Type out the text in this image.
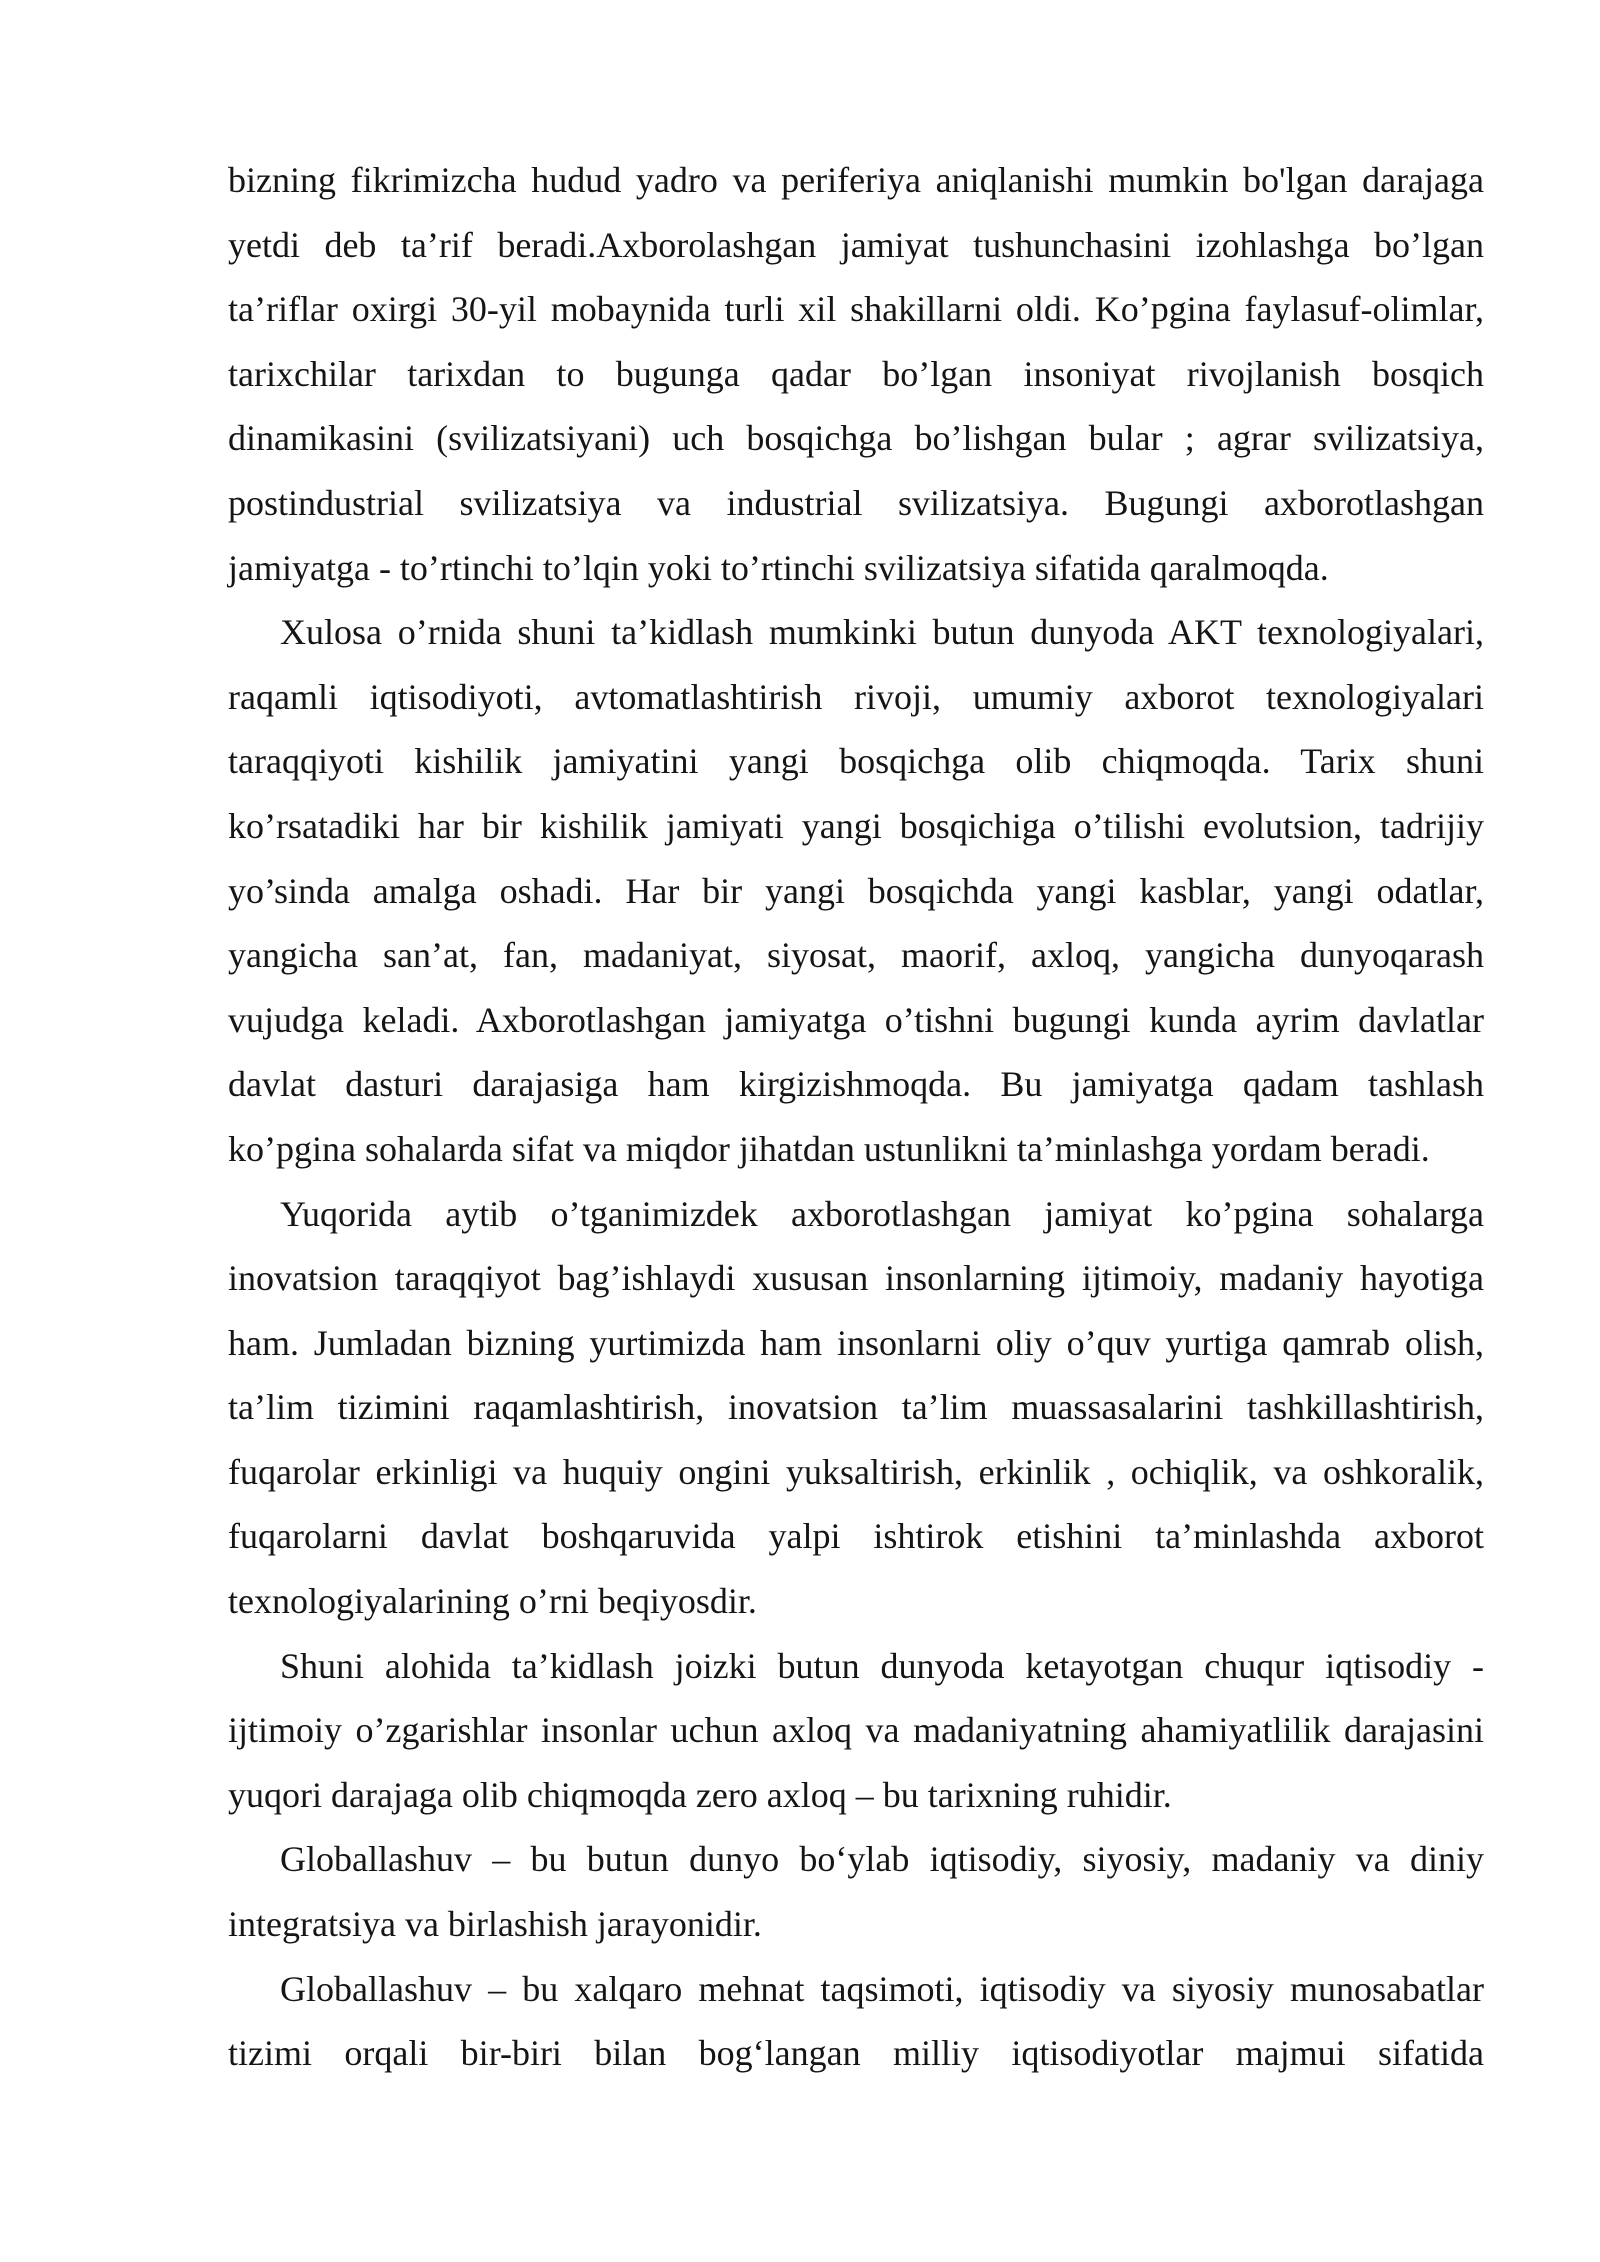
bizning fikrimizcha hudud yadro va periferiya aniqlanishi mumkin bo'lgan darajaga
yetdi deb ta’rif beradi.Axborolashgan jamiyat tushunchasini izohlashga bo’lgan
ta’riflar oxirgi 30-yil mobaynida turli xil shakillarni oldi. Ko’pgina faylasuf-olimlar,
tarixchilar tarixdan to bugunga qadar bo’lgan insoniyat rivojlanish bosqich
dinamikasini (svilizatsiyani) uch bosqichga bo’lishgan bular ; agrar svilizatsiya,
postindustrial svilizatsiya va industrial svilizatsiya. Bugungi axborotlashgan
jamiyatga - to’rtinchi to’lqin yoki to’rtinchi svilizatsiya sifatida qaralmoqda.
Xulosa o’rnida shuni ta’kidlash mumkinki butun dunyoda AKT texnologiyalari,
raqamli iqtisodiyoti, avtomatlashtirish rivoji, umumiy axborot texnologiyalari
taraqqiyoti kishilik jamiyatini yangi bosqichga olib chiqmoqda. Tarix shuni
ko’rsatadiki har bir kishilik jamiyati yangi bosqichiga o’tilishi evolutsion, tadrijiy
yo’sinda amalga oshadi. Har bir yangi bosqichda yangi kasblar, yangi odatlar,
yangicha san’at, fan, madaniyat, siyosat, maorif, axloq, yangicha dunyoqarash
vujudga keladi. Axborotlashgan jamiyatga o’tishni bugungi kunda ayrim davlatlar
davlat dasturi darajasiga ham kirgizishmoqda. Bu jamiyatga qadam tashlash
ko’pgina sohalarda sifat va miqdor jihatdan ustunlikni ta’minlashga yordam beradi.
Yuqorida aytib o’tganimizdek axborotlashgan jamiyat ko’pgina sohalarga
inovatsion taraqqiyot bag’ishlaydi xususan insonlarning ijtimoiy, madaniy hayotiga
ham. Jumladan bizning yurtimizda ham insonlarni oliy o’quv yurtiga qamrab olish,
ta’lim tizimini raqamlashtirish, inovatsion ta’lim muassasalarini tashkillashtirish,
fuqarolar erkinligi va huquiy ongini yuksaltirish, erkinlik , ochiqlik, va oshkoralik,
fuqarolarni davlat boshqaruvida yalpi ishtirok etishini ta’minlashda axborot
texnologiyalarining o’rni beqiyosdir.
Shuni alohida ta’kidlash joizki butun dunyoda ketayotgan chuqur iqtisodiy -
ijtimoiy o’zgarishlar insonlar uchun axloq va madaniyatning ahamiyatlilik darajasini
yuqori darajaga olib chiqmoqda zero axloq – bu tarixning ruhidir.
Globallashuv – bu butun dunyo boʻylab iqtisodiy, siyosiy, madaniy va diniy
integratsiya va birlashish jarayonidir.
Globallashuv – bu xalqaro mehnat taqsimoti, iqtisodiy va siyosiy munosabatlar
tizimi orqali bir-biri bilan bogʻlangan milliy iqtisodiyotlar majmui sifatida
